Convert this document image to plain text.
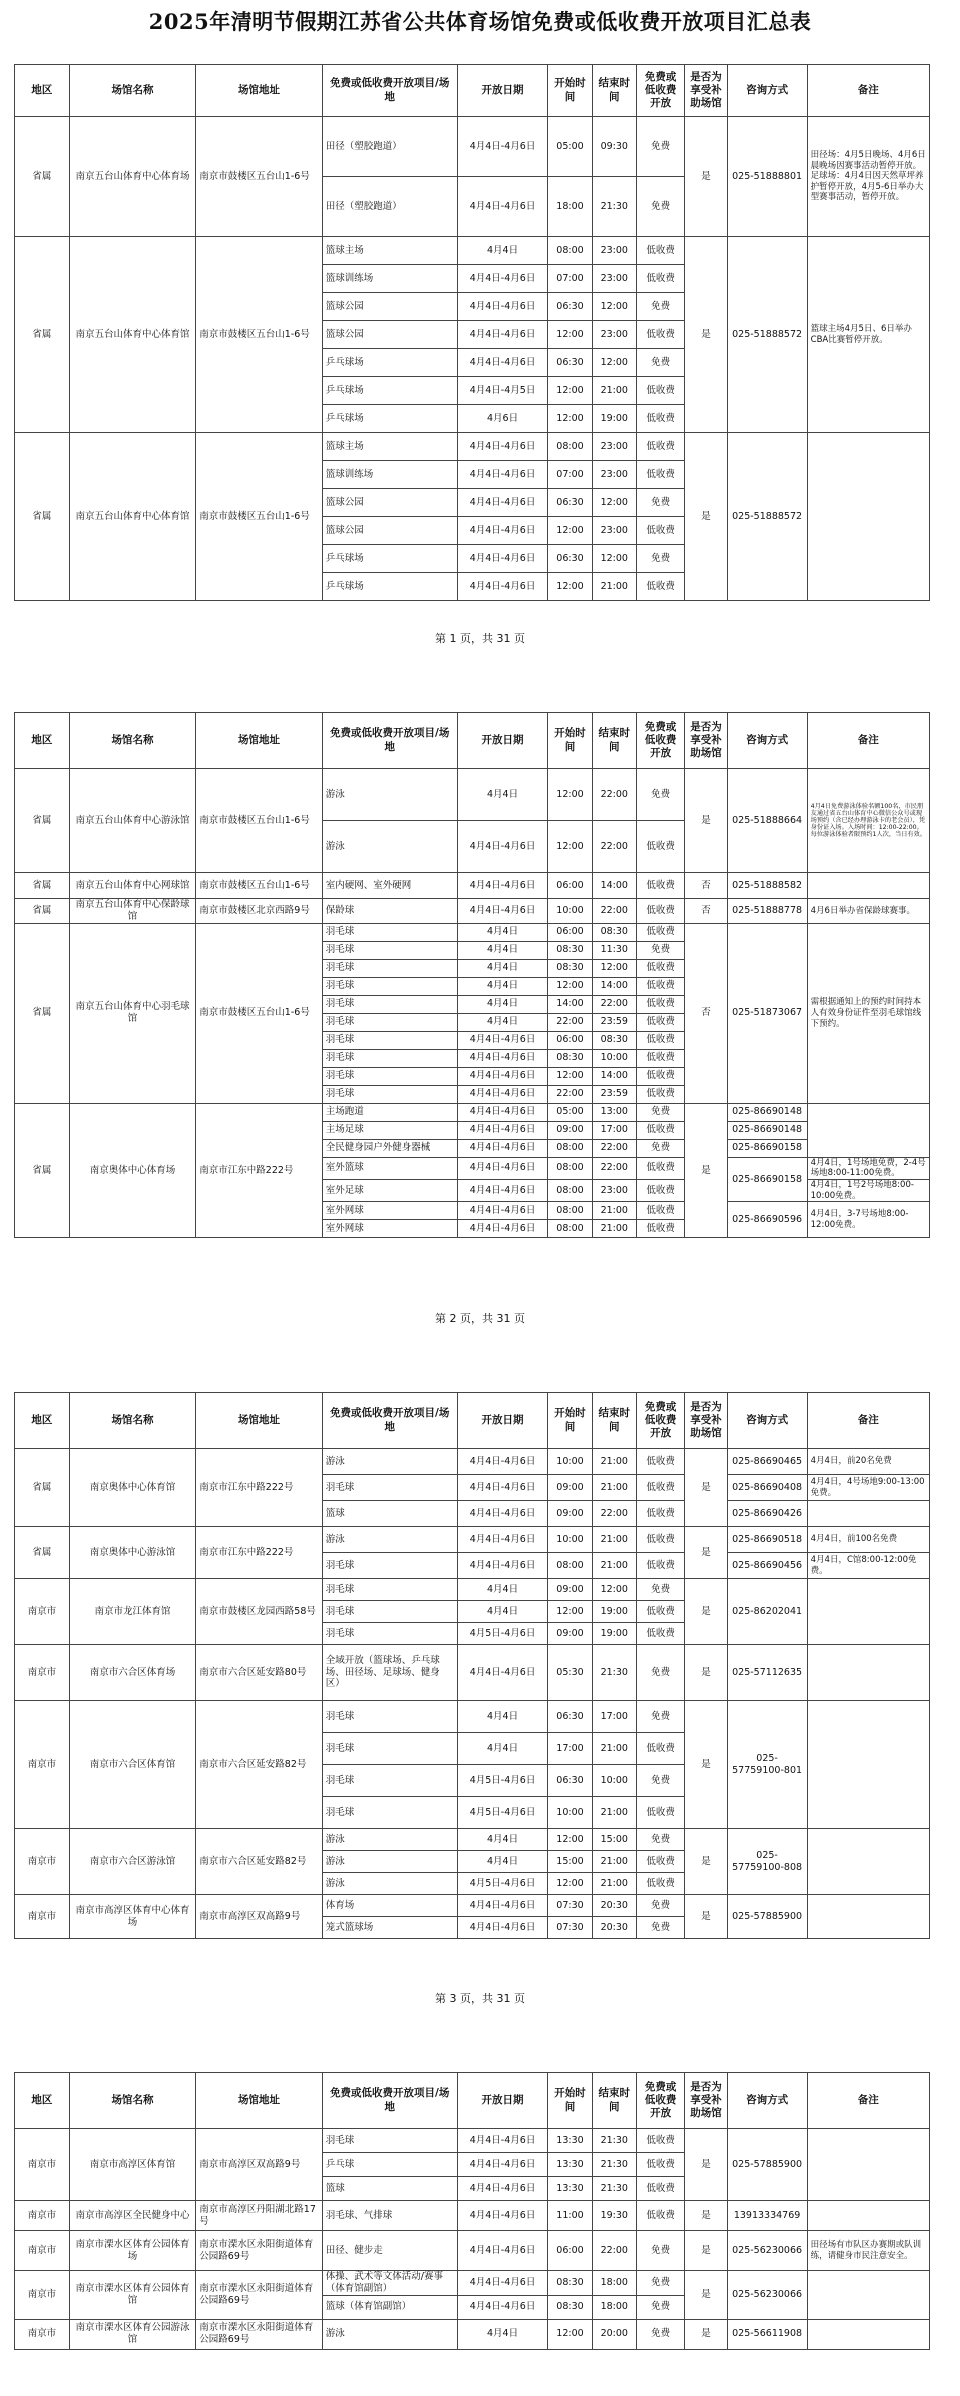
2025年清明节假期江苏省公共体育场馆免费或低收费开放项目汇总表
地区	场馆名称	场馆地址	免费或低收费开放项目/场地	开放日期	开始时间	结束时间	免费或低收费开放	是否为享受补助场馆	咨询方式	备注
省属	南京五台山体育中心体育场	南京市鼓楼区五台山1-6号	田径（塑胶跑道）	4月4日-4月6日	05:00	09:30	免费	是	025-51888801	田径场：4月5日晚场、4月6日晨晚场因赛事活动暂停开放。足球场：4月4日因天然草坪养护暂停开放，4月5-6日举办大型赛事活动，暂停开放。
			田径（塑胶跑道）	4月4日-4月6日	18:00	21:30	免费			
省属	南京五台山体育中心体育馆	南京市鼓楼区五台山1-6号	篮球主场	4月4日	08:00	23:00	低收费	是	025-51888572	篮球主场4月5日、6日举办CBA比赛暂停开放。
			篮球训练场	4月4日-4月6日	07:00	23:00	低收费			
			篮球公园	4月4日-4月6日	06:30	12:00	免费			
			篮球公园	4月4日-4月6日	12:00	23:00	低收费			
			乒乓球场	4月4日-4月6日	06:30	12:00	免费			
			乒乓球场	4月4日-4月5日	12:00	21:00	低收费			
			乒乓球场	4月6日	12:00	19:00	低收费			
省属	南京五台山体育中心体育馆	南京市鼓楼区五台山1-6号	篮球主场	4月4日-4月6日	08:00	23:00	低收费	是	025-51888572	
			篮球训练场	4月4日-4月6日	07:00	23:00	低收费			
			篮球公园	4月4日-4月6日	06:30	12:00	免费			
			篮球公园	4月4日-4月6日	12:00	23:00	低收费			
			乒乓球场	4月4日-4月6日	06:30	12:00	免费			
			乒乓球场	4月4日-4月6日	12:00	21:00	低收费			
第 1 页，共 31 页
地区	场馆名称	场馆地址	免费或低收费开放项目/场地	开放日期	开始时间	结束时间	免费或低收费开放	是否为享受补助场馆	咨询方式	备注
省属	南京五台山体育中心游泳馆	南京市鼓楼区五台山1-6号	游泳	4月4日	12:00	22:00	免费	是	025-51888664	4月4日免费游泳体验名额100名，市民朋友通过省五台山体育中心微信公众号或现场预约（含已经办理游泳卡的老会员），凭身份证入场。入场时间：12:00-22:00。每位游泳体验者限预约1人次，当日有效。
			游泳	4月4日-4月6日	12:00	22:00	低收费			
省属	南京五台山体育中心网球馆	南京市鼓楼区五台山1-6号	室内硬网、室外硬网	4月4日-4月6日	06:00	14:00	低收费	否	025-51888582	
省属	南京五台山体育中心保龄球馆	南京市鼓楼区北京西路9号	保龄球	4月4日-4月6日	10:00	22:00	低收费	否	025-51888778	4月6日举办省保龄球赛事。
省属	南京五台山体育中心羽毛球馆	南京市鼓楼区五台山1-6号	羽毛球	4月4日	06:00	08:30	低收费	否	025-51873067	需根据通知上的预约时间持本人有效身份证件至羽毛球馆线下预约。
			羽毛球	4月4日	08:30	11:30	免费			
			羽毛球	4月4日	08:30	12:00	低收费			
			羽毛球	4月4日	12:00	14:00	低收费			
			羽毛球	4月4日	14:00	22:00	低收费			
			羽毛球	4月4日	22:00	23:59	低收费			
			羽毛球	4月4日-4月6日	06:00	08:30	低收费			
			羽毛球	4月4日-4月6日	08:30	10:00	低收费			
			羽毛球	4月4日-4月6日	12:00	14:00	低收费			
			羽毛球	4月4日-4月6日	22:00	23:59	低收费			
省属	南京奥体中心体育场	南京市江东中路222号	主场跑道	4月4日-4月6日	05:00	13:00	免费	是	025-86690148	
			主场足球	4月4日-4月6日	09:00	17:00	低收费		025-86690148	
			全民健身园户外健身器械	4月4日-4月6日	08:00	22:00	免费		025-86690158	
			室外篮球	4月4日-4月6日	08:00	22:00	低收费		025-86690158	4月4日，1号场地免费，2-4号场地8:00-11:00免费。
			室外足球	4月4日-4月6日	08:00	23:00	低收费			4月4日，1号2号场地8:00-10:00免费。
			室外网球	4月4日-4月6日	08:00	21:00	低收费		025-86690596	4月4日，3-7号场地8:00-12:00免费。
			室外网球	4月4日-4月6日	08:00	21:00	低收费			
第 2 页，共 31 页
地区	场馆名称	场馆地址	免费或低收费开放项目/场地	开放日期	开始时间	结束时间	免费或低收费开放	是否为享受补助场馆	咨询方式	备注
省属	南京奥体中心体育馆	南京市江东中路222号	游泳	4月4日-4月6日	10:00	21:00	低收费	是	025-86690465	4月4日，前20名免费
			羽毛球	4月4日-4月6日	09:00	21:00	低收费		025-86690408	4月4日，4号场地9:00-13:00免费。
			篮球	4月4日-4月6日	09:00	22:00	低收费		025-86690426	
省属	南京奥体中心游泳馆	南京市江东中路222号	游泳	4月4日-4月6日	10:00	21:00	低收费	是	025-86690518	4月4日，前100名免费
			羽毛球	4月4日-4月6日	08:00	21:00	低收费		025-86690456	4月4日，C馆8:00-12:00免费。
南京市	南京市龙江体育馆	南京市鼓楼区龙园西路58号	羽毛球	4月4日	09:00	12:00	免费	是	025-86202041	
			羽毛球	4月4日	12:00	19:00	低收费			
			羽毛球	4月5日-4月6日	09:00	19:00	低收费			
南京市	南京市六合区体育场	南京市六合区延安路80号	全域开放（篮球场、乒乓球场、田径场、足球场、健身区）	4月4日-4月6日	05:30	21:30	免费	是	025-57112635	
南京市	南京市六合区体育馆	南京市六合区延安路82号	羽毛球	4月4日	06:30	17:00	免费	是	025-57759100-801	
			羽毛球	4月4日	17:00	21:00	低收费			
			羽毛球	4月5日-4月6日	06:30	10:00	免费			
			羽毛球	4月5日-4月6日	10:00	21:00	低收费			
南京市	南京市六合区游泳馆	南京市六合区延安路82号	游泳	4月4日	12:00	15:00	免费	是	025-57759100-808	
			游泳	4月4日	15:00	21:00	低收费			
			游泳	4月5日-4月6日	12:00	21:00	低收费			
南京市	南京市高淳区体育中心体育场	南京市高淳区双高路9号	体育场	4月4日-4月6日	07:30	20:30	免费	是	025-57885900	
			笼式篮球场	4月4日-4月6日	07:30	20:30	免费			
第 3 页，共 31 页
地区	场馆名称	场馆地址	免费或低收费开放项目/场地	开放日期	开始时间	结束时间	免费或低收费开放	是否为享受补助场馆	咨询方式	备注
南京市	南京市高淳区体育馆	南京市高淳区双高路9号	羽毛球	4月4日-4月6日	13:30	21:30	低收费	是	025-57885900	
			乒乓球	4月4日-4月6日	13:30	21:30	低收费			
			篮球	4月4日-4月6日	13:30	21:30	低收费			
南京市	南京市高淳区全民健身中心	南京市高淳区丹阳湖北路17号	羽毛球、气排球	4月4日-4月6日	11:00	19:30	低收费	是	13913334769	
南京市	南京市溧水区体育公园体育场	南京市溧水区永阳街道体育公园路69号	田径、健步走	4月4日-4月6日	06:00	22:00	免费	是	025-56230066	田径场有市队区办赛期或队训练，请健身市民注意安全。
南京市	南京市溧水区体育公园体育馆	南京市溧水区永阳街道体育公园路69号	体操、武术等文体活动/赛事（体育馆副馆）	4月4日-4月6日	08:30	18:00	免费	是	025-56230066	
			篮球（体育馆副馆）	4月4日-4月6日	08:30	18:00	免费			
南京市	南京市溧水区体育公园游泳馆	南京市溧水区永阳街道体育公园路69号	游泳	4月4日	12:00	20:00	免费	是	025-56611908	
